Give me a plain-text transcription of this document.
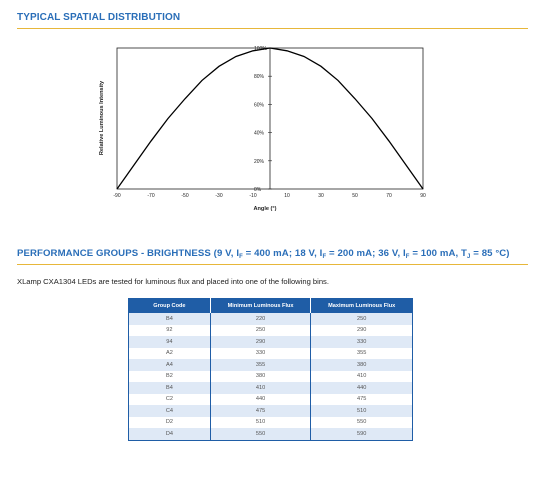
TYPICAL SPATIAL DISTRIBUTION
0%
20%
40%
60%
80%
100%
-90	-70	-50	-30	-10	10	30	50	70	90
Angle (°)
Relative Luminous Intensity
PERFORMANCE GROUPS - BRIGHTNESS (9 V, $I_F = 400$ mA; 18 V, $I_F = 200$ mA; 36 V, $I_F = 100$ mA, $T_J = 85$ °C)
XLamp CXA1304 LEDs are tested for luminous flux and placed into one of the following bins.
Group Code	Minimum Luminous Flux	Maximum Luminous Flux
B4	220	250
92	250	290
94	290	330
A2	330	355
A4	355	380
B2	380	410
B4	410	440
C2	440	475
C4	475	510
D2	510	550
D4	550	590
